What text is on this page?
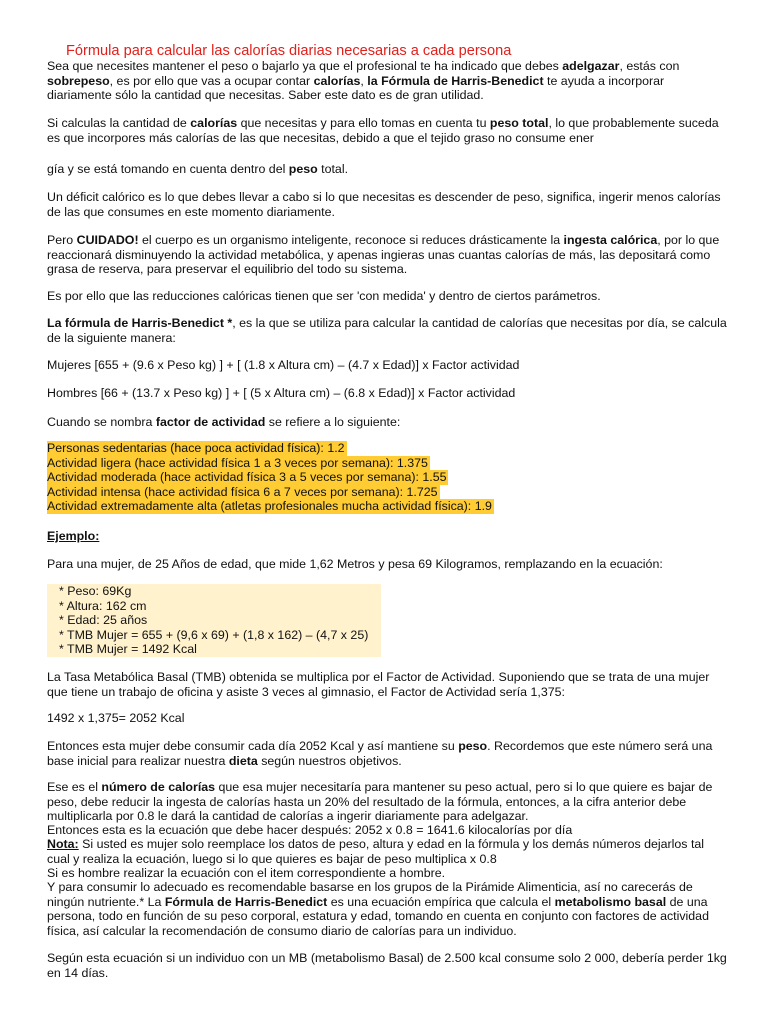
Fórmula para calcular las calorías diarias necesarias a cada persona

Sea que necesites mantener el peso o bajarlo ya que el profesional te ha indicado que debes adelgazar, estás con sobrepeso, es por ello que vas a ocupar contar calorías, la Fórmula de Harris-Benedict te ayuda a incorporar diariamente sólo la cantidad que necesitas. Saber este dato es de gran utilidad.

Si calculas la cantidad de calorías que necesitas y para ello tomas en cuenta tu peso total, lo que probablemente suceda es que incorpores más calorías de las que necesitas, debido a que el tejido graso no consume ener

gía y se está tomando en cuenta dentro del peso total.

Un déficit calórico es lo que debes llevar a cabo si lo que necesitas es descender de peso, significa, ingerir menos calorías de las que consumes en este momento diariamente.

Pero CUIDADO! el cuerpo es un organismo inteligente, reconoce si reduces drásticamente la ingesta calórica, por lo que reaccionará disminuyendo la actividad metabólica, y apenas ingieras unas cuantas calorías de más, las depositará como grasa de reserva, para preservar el equilibrio del todo su sistema.

Es por ello que las reducciones calóricas tienen que ser 'con medida' y dentro de ciertos parámetros.

La fórmula de Harris-Benedict *, es la que se utiliza para calcular la cantidad de calorías que necesitas por día, se calcula de la siguiente manera:

Mujeres [655 + (9.6 x Peso kg) ] + [ (1.8 x Altura cm) – (4.7 x Edad)] x Factor actividad

Hombres [66 + (13.7 x Peso kg) ] + [ (5 x Altura cm) – (6.8 x Edad)] x Factor actividad

Cuando se nombra factor de actividad se refiere a lo siguiente:

Personas sedentarias (hace poca actividad física): 1.2
Actividad ligera (hace actividad física 1 a 3 veces por semana): 1.375
Actividad moderada (hace actividad física 3 a 5 veces por semana): 1.55
Actividad intensa (hace actividad física 6 a 7 veces por semana): 1.725
Actividad extremadamente alta (atletas profesionales mucha actividad física): 1.9

Ejemplo:

Para una mujer, de 25 Años de edad, que mide 1,62 Metros y pesa 69 Kilogramos, remplazando en la ecuación:

* Peso: 69Kg
* Altura: 162 cm
* Edad: 25 años
* TMB Mujer = 655 + (9,6 x 69) + (1,8 x 162) – (4,7 x 25)
* TMB Mujer = 1492 Kcal

La Tasa Metabólica Basal (TMB) obtenida se multiplica por el Factor de Actividad. Suponiendo que se trata de una mujer que tiene un trabajo de oficina y asiste 3 veces al gimnasio, el Factor de Actividad sería 1,375:

1492 x 1,375= 2052 Kcal

Entonces esta mujer debe consumir cada día 2052 Kcal y así mantiene su peso. Recordemos que este número será una base inicial para realizar nuestra dieta según nuestros objetivos.

Ese es el número de calorías que esa mujer necesitaría para mantener su peso actual, pero si lo que quiere es bajar de peso, debe reducir la ingesta de calorías hasta un 20% del resultado de la fórmula, entonces, a la cifra anterior debe multiplicarla por 0.8 le dará la cantidad de calorías a ingerir diariamente para adelgazar.

Entonces esta es la ecuación que debe hacer después: 2052 x 0.8 = 1641.6 kilocalorías por día

Nota: Si usted es mujer solo reemplace los datos de peso, altura y edad en la fórmula y los demás números dejarlos tal cual y realiza la ecuación, luego si lo que quieres es bajar de peso multiplica x 0.8

Si es hombre realizar la ecuación con el item correspondiente a hombre.

Y para consumir lo adecuado es recomendable basarse en los grupos de la Pirámide Alimenticia, así no carecerás de ningún nutriente.* La Fórmula de Harris-Benedict es una ecuación empírica que calcula el metabolismo basal de una persona, todo en función de su peso corporal, estatura y edad, tomando en cuenta en conjunto con factores de actividad física, así calcular la recomendación de consumo diario de calorías para un individuo.

Según esta ecuación si un individuo con un MB (metabolismo Basal) de 2.500 kcal consume solo 2 000, debería perder 1kg en 14 días.
